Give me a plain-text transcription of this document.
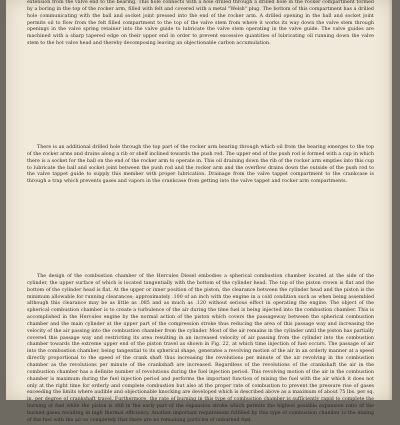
extension from the valve end to the bearing. This hole connects with a hole drilled through a drilled hole in the rocker compartment formed by a boring in the top of the rocker arm, filled with felt and covered with a metal "Welsh" plug. The bottom of this compartment has a drilled hole communicating with the ball and socket joint pressed into the end of the rocker arm. A drilled opening in the ball and socket joint permits oil to flow from the felt filled compartment to the top of the valve stem from where it works its way down the valve stem through openings in the valve spring retainer into the valve guide to lubricate the valve stem operating in the valve guide. The valve guides are machined with a sharp tapered edge on their upper end in order to prevent excessive quantities of lubricating oil running down the valve stem to the hot valve head and thereby decomposing leaving an objectionable carbon accumulation.

There is an additional drilled hole through the top part of the rocker arm bearing through which oil from the bearing emerges to the top of the rocker arms and drains along a rib or shelf inclined towards the push rod. The upper end of the push rod is formed with a cup in which there is a socket for the ball on the end of the rocker arm to operate in. This oil draining down the rib of the rocker arm empties into this cup to lubricate the ball and socket joint between the push rod and the rocker arm and the overflow drains down the outside of the push rod to the valve tappet guide to supply this member with proper lubrication. Drainage from the valve tappet compartment to the crankcase is through a trap which prevents gases and vapors in the crankcase from getting into the valve tappet and rocker arm compartments.

The design of the combustion chamber of the Hercules Diesel embodies a spherical combustion chamber located at the side of the cylinder, the upper surface of which is located tangentially with the bottom of the cylinder head. The top of the piston crown is flat and the bottom of the cylinder head is flat. At the upper or inner position of the piston, the clearance between the cylinder head and the piston is the minimum allowable for running clearances; approximately .100 of an inch with the engine in a cold condition such as when being assembled although this clearance may be as little as .085 and as much as .120 without serious effect in operating the engine. The object of the spherical combustion chamber is to create a turbulence of the air during the time fuel is being injected into the combustion chamber. This is accomplished in the Hercules engine by the normal action of the piston which covers the passageway between the spherical combustion chamber and the main cylinder at the upper part of the compression stroke thus reducing the area of this passage way and increasing the velocity of the air passing into the combustion chamber from the cylinder. Most of the air remains in the cylinder until the piston has partially covered this passage way and restricting its area resulting in an increased velocity of air passing from the cylinder into the combustion chamber towards the extreme upper end of the piston travel as shown in Fig. 22, at which time injection of fuel occurs. The passage of air into the combustion chamber, being tangential to its spherical shape, generates a revolving motion of the air in an orderly manner at a speed directly proportional to the speed of the crank shaft thus increasing the revolutions per minute of the air revolving in the combustion chamber as the revolutions per minute of the crankshaft are increased. Regardless of the revolutions of the crankshaft the air in the combustion chamber has a definite number of revolutions during the fuel injection period. This revolving motion of the air in the combustion chamber is maximum during the fuel injection period and performs the important function of mixing the fuel with the air which it does not only at the right time for orderly and complete combustion but also at the proper rate of combustion to prevent the pressure rise of gases exceeding the limits where audible and objectionable knocking are developed which is described above as a maximum of about 75 lbs. per sq. in. per degree of crankshaft travel. Furthermore, the rate of burning in this type of combustion chamber is sufficiently rapid to complete the burning of fuel while the piston is still in the early part of the expansion stroke which permits the highest possible expansion ratio of the burned gases resulting in high thermal efficiency. Another important requirement fulfilled by this type of combustion chamber is the mixing of the fuel with the air so completely that there are no remaining particles of unburned fuel.
